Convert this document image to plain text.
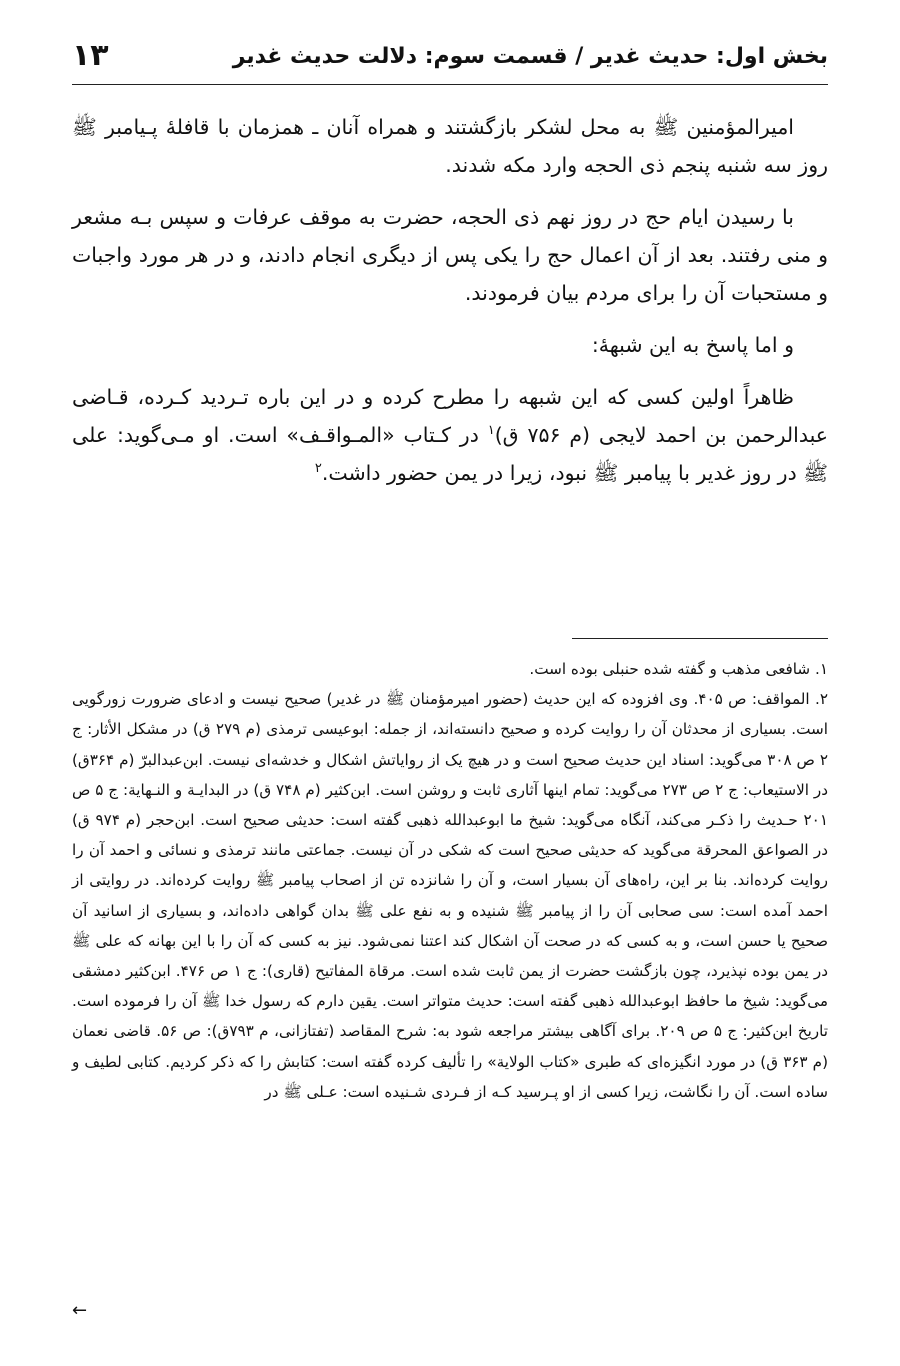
بخش اول: حدیث غدیر / قسمت سوم: دلالت حدیث غدیر
۱۳

امیرالمؤمنین ﷺ به محل لشکر بازگشتند و همراه آنان ـ همزمان با قافلۀ پـیامبر ﷺ روز سه شنبه پنجم ذی الحجه وارد مکه شدند.

با رسیدن ایام حج در روز نهم ذی الحجه، حضرت به موقف عرفات و سپس بـه مشعر و منی رفتند. بعد از آن اعمال حج را یکی پس از دیگری انجام دادند، و در هر مورد واجبات و مستحبات آن را برای مردم بیان فرمودند.

و اما پاسخ به این شبهۀ:

ظاهراً اولین کسی که این شبهه را مطرح کرده و در این باره تـردید کـرده، قـاضی عبدالرحمن بن احمد لایجی (م ۷۵۶ ق)$^۱$ در کـتاب «المـواقـف» است. او مـی‌گوید: علی ﷺ در روز غدیر با پیامبر ﷺ نبود، زیرا در یمن حضور داشت.$^۲$

۱. شافعی مذهب و گفته شده حنبلی بوده است.

۲. المواقف: ص ۴۰۵. وی افزوده که این حدیث (حضور امیرمؤمنان ﷺ در غدیر) صحیح نیست و ادعای ضرورت زورگویی است. بسیاری از محدثان آن را روایت کرده و صحیح دانسته‌اند، از جمله: ابوعیسی ترمذی (م ۲۷۹ ق) در مشکل الأثار: ج ۲ ص ۳۰۸ می‌گوید: اسناد این حدیث صحیح است و در هیچ یک از روایاتش اشکال و خدشه‌ای نیست. ابن‌عبدالبرّ (م ۳۶۴ق) در الاستیعاب: ج ۲ ص ۲۷۳ می‌گوید: تمام اینها آثاری ثابت و روشن است. ابن‌کثیر (م ۷۴۸ ق) در البدایـة و النـهایة: ج ۵ ص ۲۰۱ حـدیث را ذکـر می‌کند، آنگاه می‌گوید: شیخ ما ابوعبدالله ذهبی گفته است: حدیثی صحیح است. ابن‌حجر (م ۹۷۴ ق) در الصواعق المحرقة می‌گوید که حدیثی صحیح است که شکی در آن نیست. جماعتی مانند ترمذی و نسائی و احمد آن را روایت کرده‌اند. بنا بر این، راه‌های آن بسیار است، و آن را شانزده تن از اصحاب پیامبر ﷺ روایت کرده‌اند. در روایتی از احمد آمده است: سی صحابی آن را از پیامبر ﷺ شنیده و به نفع علی ﷺ بدان گواهی داده‌اند، و بسیاری از اسانید آن صحیح یا حسن است، و به کسی که در صحت آن اشکال کند اعتنا نمی‌شود. نیز به کسی که آن را با این بهانه که علی ﷺ در یمن بوده نپذیرد، چون بازگشت حضرت از یمن ثابت شده است. مرقاة المفاتیح (قاری): ج ۱ ص ۴۷۶. ابن‌کثیر دمشقی می‌گوید: شیخ ما حافظ ابوعبدالله ذهبی گفته است: حدیث متواتر است. یقین دارم که رسول خدا ﷺ آن را فرموده است. تاریخ ابن‌کثیر: ج ۵ ص ۲۰۹. برای آگاهی بیشتر مراجعه شود به: شرح المقاصد (تفتازانی، م ۷۹۳ق): ص ۵۶. قاضی نعمان (م ۳۶۳ ق) در مورد انگیزه‌ای که طبری «کتاب الولایة» را تألیف کرده گفته است: کتابش را که ذکر کردیم. کتابی لطیف و ساده است. آن را نگاشت، زیرا کسی از او پـرسید کـه از فـردی شـنیده است: عـلی ﷺ در

←
